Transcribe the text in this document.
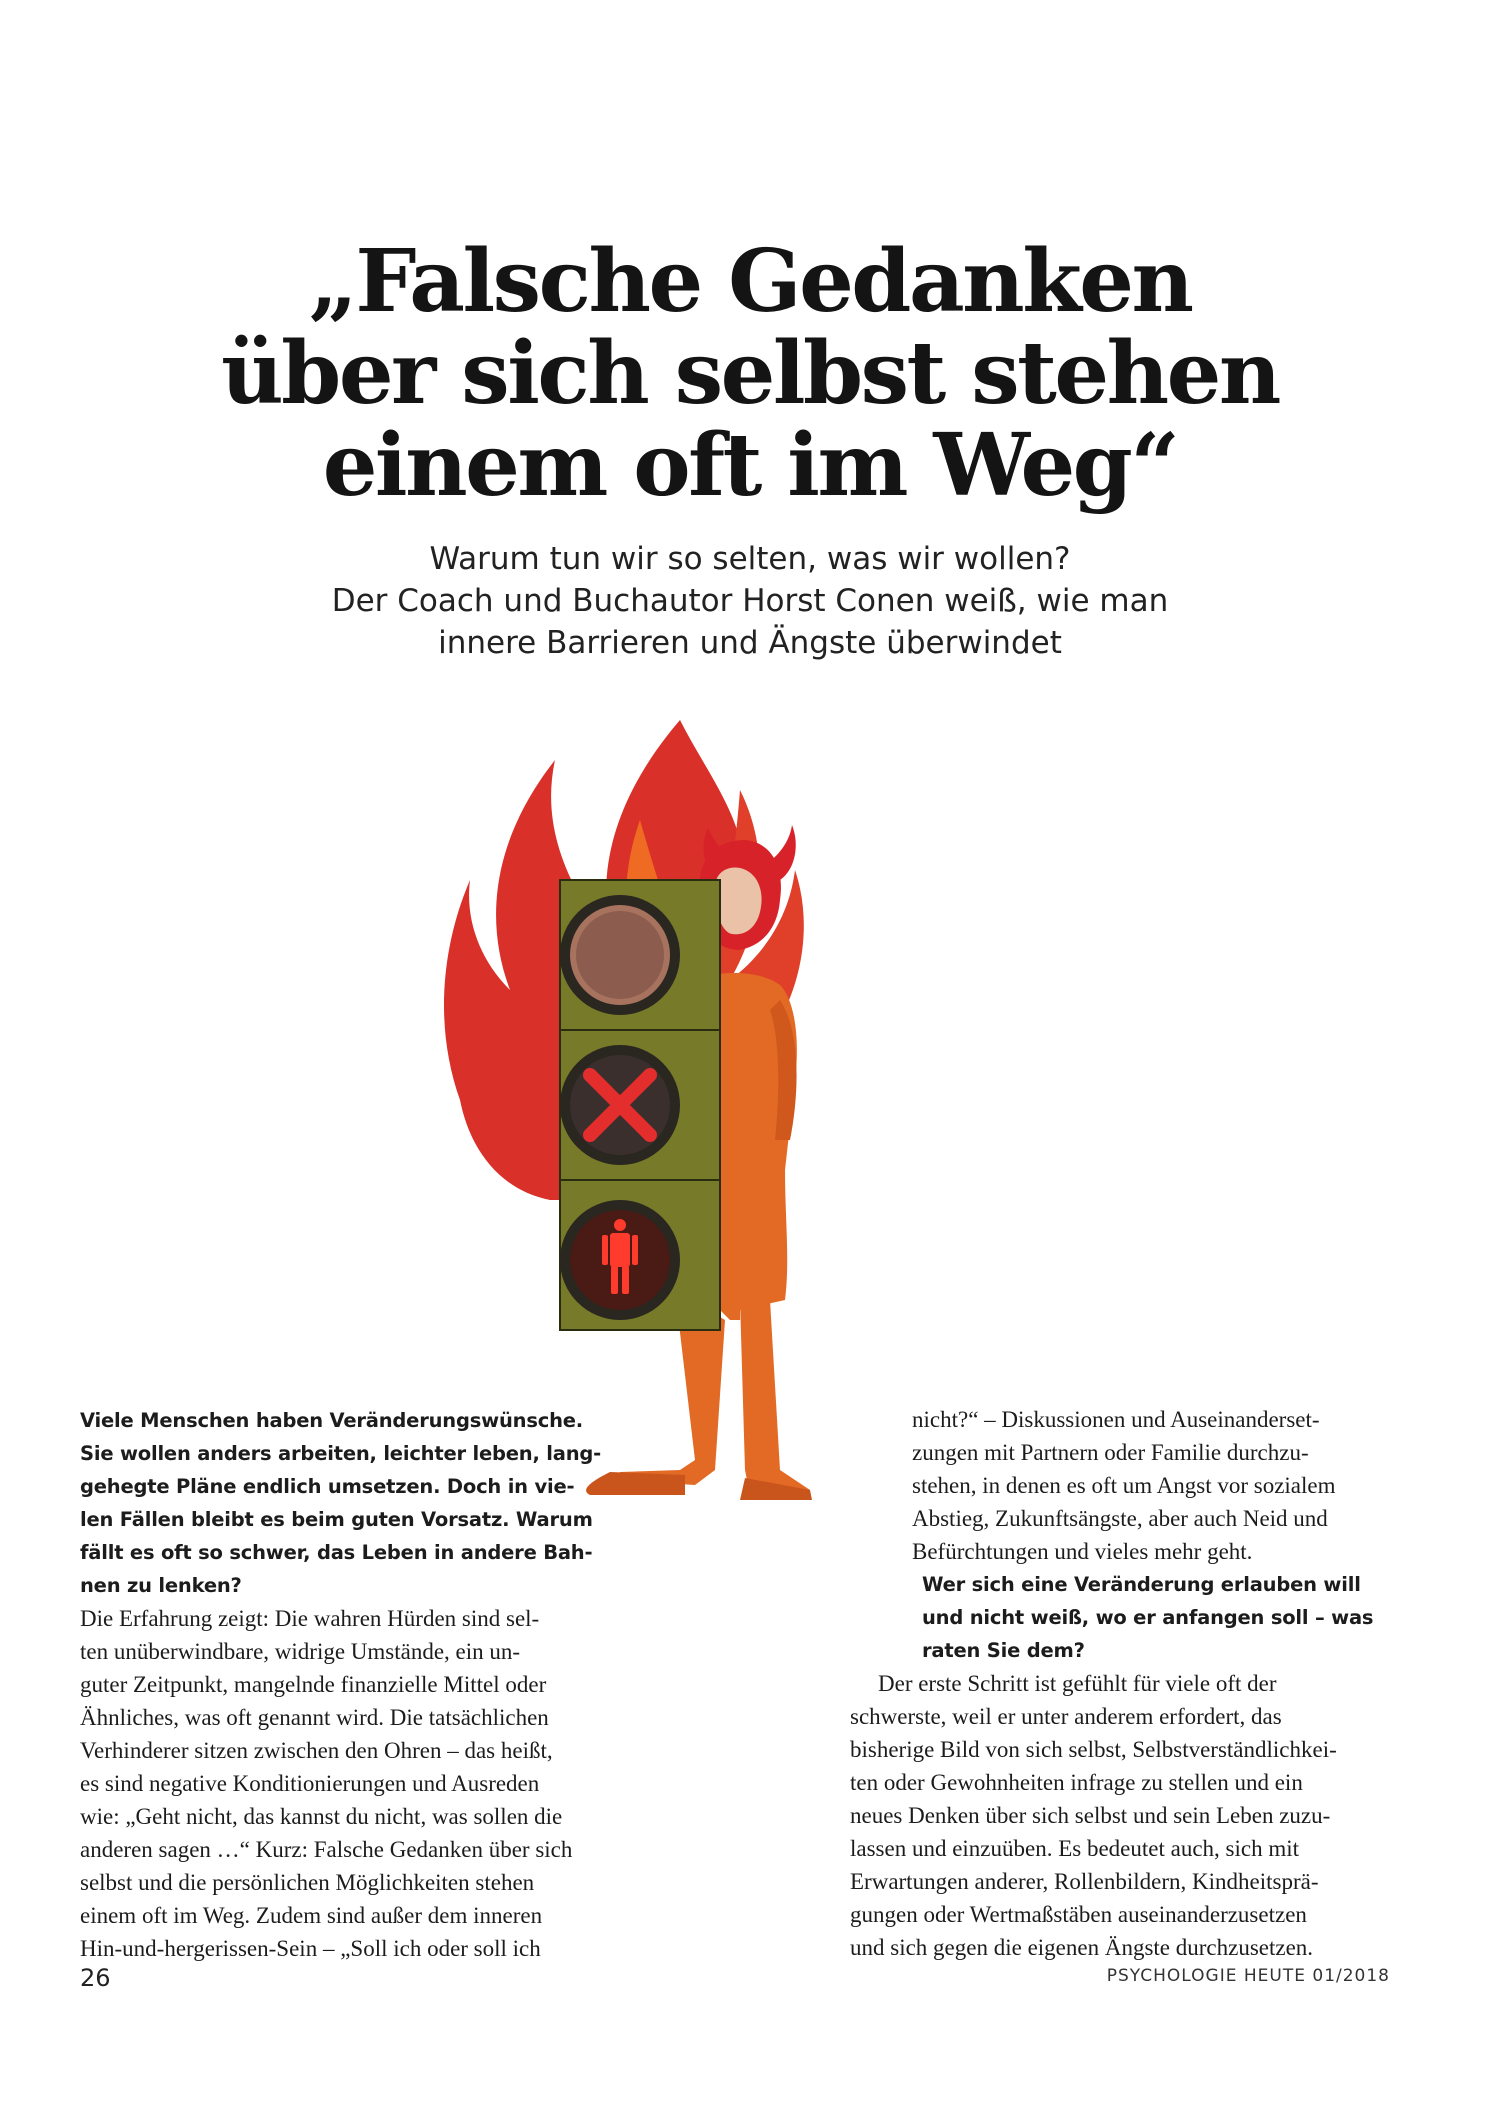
„Falsche Gedanken
über sich selbst stehen
einem oft im Weg“

Warum tun wir so selten, was wir wollen?
Der Coach und Buchautor Horst Conen weiß, wie man
innere Barrieren und Ängste überwindet

Viele Menschen haben Veränderungswünsche.
Sie wollen anders arbeiten, leichter leben, lang-
gehegte Pläne endlich umsetzen. Doch in vie-
len Fällen bleibt es beim guten Vorsatz. Warum
fällt es oft so schwer, das Leben in andere Bah-
nen zu lenken?
Die Erfahrung zeigt: Die wahren Hürden sind sel-
ten unüberwindbare, widrige Umstände, ein un-
guter Zeitpunkt, mangelnde finanzielle Mittel oder
Ähnliches, was oft genannt wird. Die tatsächlichen
Verhinderer sitzen zwischen den Ohren – das heißt,
es sind negative Konditionierungen und Ausreden
wie: „Geht nicht, das kannst du nicht, was sollen die
anderen sagen …“ Kurz: Falsche Gedanken über sich
selbst und die persönlichen Möglichkeiten stehen
einem oft im Weg. Zudem sind außer dem inneren
Hin-und-hergerissen-Sein – „Soll ich oder soll ich
nicht?“ – Diskussionen und Auseinanderset-
zungen mit Partnern oder Familie durchzu-
stehen, in denen es oft um Angst vor sozialem
Abstieg, Zukunftsängste, aber auch Neid und
Befürchtungen und vieles mehr geht.
Wer sich eine Veränderung erlauben will
und nicht weiß, wo er anfangen soll – was
raten Sie dem?
Der erste Schritt ist gefühlt für viele oft der
schwerste, weil er unter anderem erfordert, das
bisherige Bild von sich selbst, Selbstverständlichkei-
ten oder Gewohnheiten infrage zu stellen und ein
neues Denken über sich selbst und sein Leben zuzu-
lassen und einzuüben. Es bedeutet auch, sich mit
Erwartungen anderer, Rollenbildern, Kindheitsprä-
gungen oder Wertmaßstäben auseinanderzusetzen
und sich gegen die eigenen Ängste durchzusetzen.
26	PSYCHOLOGIE HEUTE 01/2018
